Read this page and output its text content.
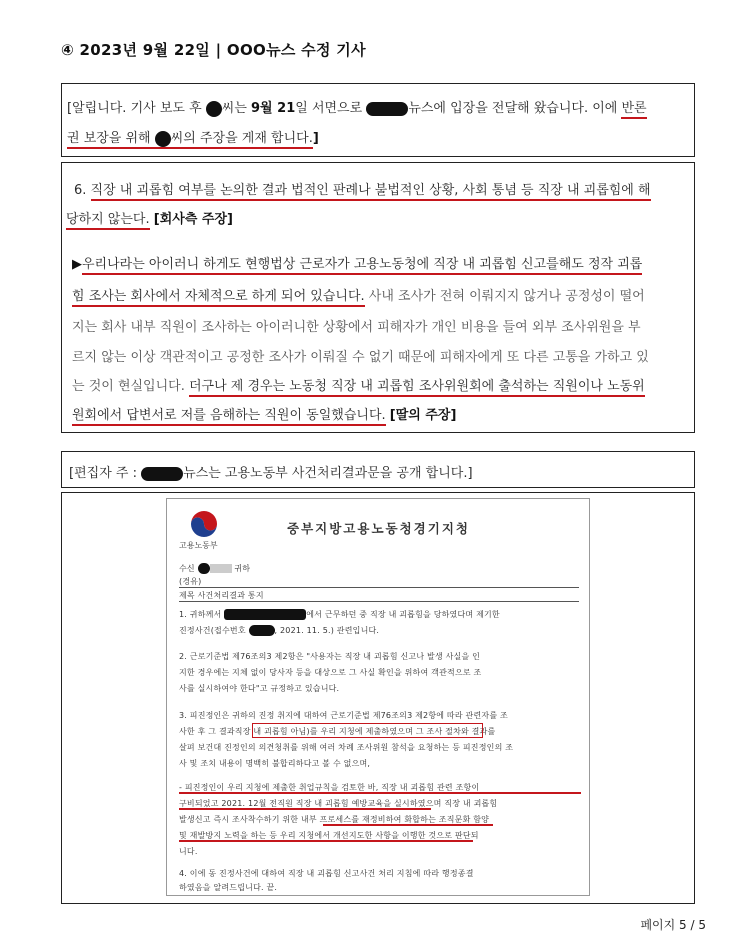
④ 2023년 9월 22일 | OOO뉴스 수정 기사
[알립니다. 기사 보도 후 씨는 9월 21일 서면으로	뉴스에 입장을 전달해 왔습니다. 이에 반론
권 보장을 위해 씨의 주장을 게재 합니다.]
6. 직장 내 괴롭힘 여부를 논의한 결과 법적인 판례나 불법적인 상황, 사회 통념 등 직장 내 괴롭힘에 해
당하지 않는다. [회사측 주장]
▶우리나라는 아이러니 하게도 현행법상 근로자가 고용노동청에 직장 내 괴롭힘 신고를해도 정작 괴롭
힘 조사는 회사에서 자체적으로 하게 되어 있습니다. 사내 조사가 전혀 이뤄지지 않거나 공정성이 떨어
지는 회사 내부 직원이 조사하는 아이러니한 상황에서 피해자가 개인 비용을 들여 외부 조사위원을 부
르지 않는 이상 객관적이고 공정한 조사가 이뤄질 수 없기 때문에 피해자에게 또 다른 고통을 가하고 있
는 것이 현실입니다. 더구나 제 경우는 노동청 직장 내 괴롭힘 조사위원회에 출석하는 직원이나 노동위
원회에서 답변서로 저를 음해하는 직원이 동일했습니다. [딸의 주장]
[편집자 주 :	뉴스는 고용노동부 사건처리결과문을 공개 합니다.]
고용노동부
중부지방고용노동청경기지청
수신	귀하
(경유)
제목 사건처리결과 통지
1. 귀하께서	에서 근무하던 중 직장 내 괴롭힘을 당하였다며 제기한
진정사건(접수번호	, 2021. 11. 5.) 관련입니다.
2. 근로기준법 제76조의3 제2항은 "사용자는 직장 내 괴롭힘 신고나 발생 사실을 인
지한 경우에는 지체 없이 당사자 등을 대상으로 그 사실 확인을 위하여 객관적으로 조
사를 실시하여야 한다"고 규정하고 있습니다.
3. 피진정인은 귀하의 진정 취지에 대하여 근로기준법 제76조의3 제2항에 따라 관련자를 조
사한 후 그 결과직장 내 괴롭힘 아님)를 우리 지청에 제출하였으며 그 조사 절차와 결과를
살펴 보건대 진정인의 의견청취를 위해 여러 차례 조사위원 참석을 요청하는 등 피진정인의 조
사 및 조치 내용이 명백히 불합리하다고 볼 수 없으며,
- 피진정인이 우리 지청에 제출한 취업규칙을 검토한 바, 직장 내 괴롭힘 관련 조항이
구비되었고 2021. 12월 전직원 직장 내 괴롭힘 예방교육을 실시하였으며 직장 내 괴롭힘
발생신고 즉시 조사착수하기 위한 내부 프로세스를 재정비하여 화합하는 조직문화 함양
및 재발방지 노력을 하는 등 우리 지청에서 개선지도한 사항을 이행한 것으로 판단되
니다.
4. 이에 동 진정사건에 대하여 직장 내 괴롭힘 신고사건 처리 지침에 따라 행정종결
하였음을 알려드립니다. 끝.
페이지 5 / 5
